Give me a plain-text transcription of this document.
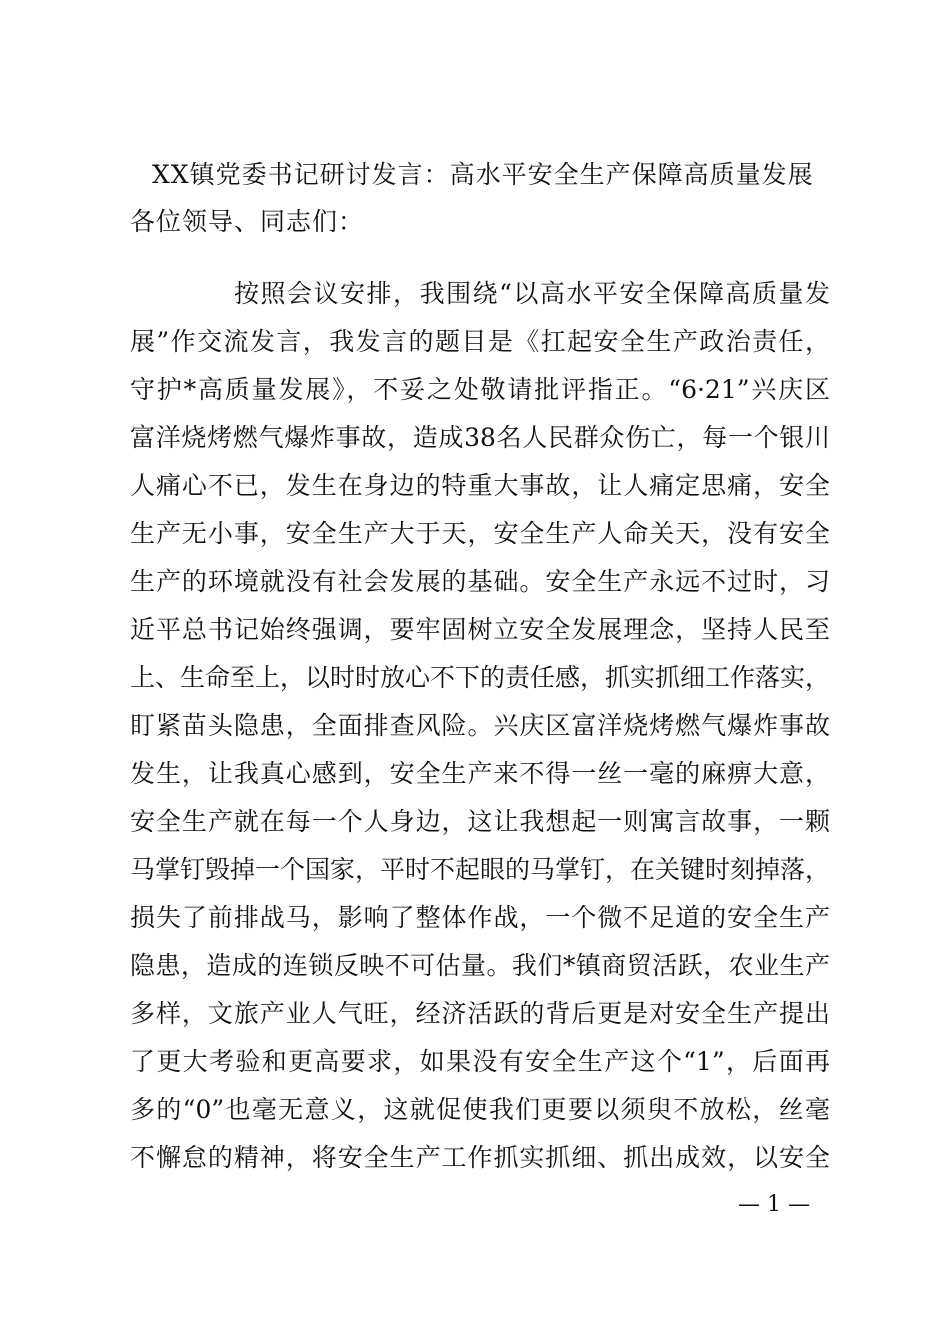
XX镇党委书记研讨发言：高水平安全生产保障高质量发展
各位领导、同志们：
按照会议安排，我围绕“以高水平安全保障高质量发
展”作交流发言，我发言的题目是《扛起安全生产政治责任，
守护*高质量发展》，不妥之处敬请批评指正。“6·21”兴庆区
富洋烧烤燃气爆炸事故，造成38名人民群众伤亡，每一个银川
人痛心不已，发生在身边的特重大事故，让人痛定思痛，安全
生产无小事，安全生产大于天，安全生产人命关天，没有安全
生产的环境就没有社会发展的基础。安全生产永远不过时，习
近平总书记始终强调，要牢固树立安全发展理念，坚持人民至
上、生命至上，以时时放心不下的责任感，抓实抓细工作落实，
盯紧苗头隐患，全面排查风险。兴庆区富洋烧烤燃气爆炸事故
发生，让我真心感到，安全生产来不得一丝一毫的麻痹大意，
安全生产就在每一个人身边，这让我想起一则寓言故事，一颗
马掌钉毁掉一个国家，平时不起眼的马掌钉，在关键时刻掉落，
损失了前排战马，影响了整体作战，一个微不足道的安全生产
隐患，造成的连锁反映不可估量。我们*镇商贸活跃，农业生产
多样，文旅产业人气旺，经济活跃的背后更是对安全生产提出
了更大考验和更高要求，如果没有安全生产这个“1”，后面再
多的“0”也毫无意义，这就促使我们更要以须臾不放松，丝毫
不懈怠的精神，将安全生产工作抓实抓细、抓出成效，以安全
— 1 —
